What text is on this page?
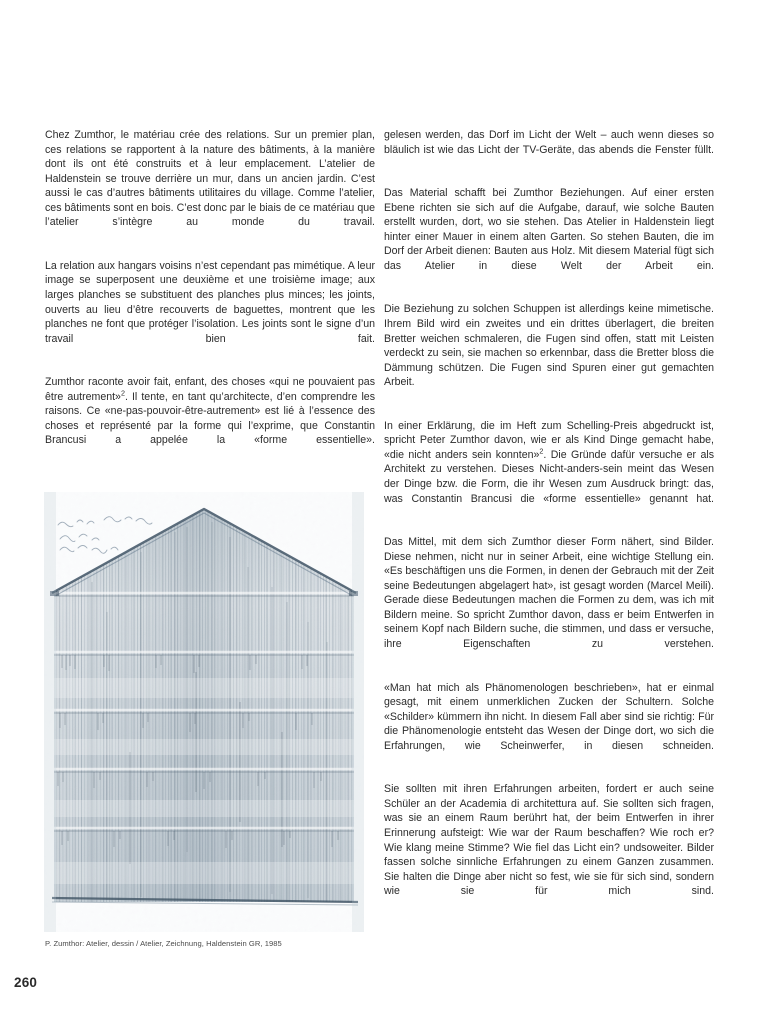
Chez Zumthor, le matériau crée des relations. Sur un premier plan, ces relations se rapportent à la nature des bâtiments, à la manière dont ils ont été construits et à leur emplacement. L’atelier de Haldenstein se trouve derrière un mur, dans un ancien jardin. C’est aussi le cas d’autres bâtiments utilitaires du village. Comme l’atelier, ces bâtiments sont en bois. C’est donc par le biais de ce matériau que l’atelier s’intègre au monde du travail.

La relation aux hangars voisins n’est cependant pas mimétique. A leur image se superposent une deuxième et une troisième image; aux larges planches se substituent des planches plus minces; les joints, ouverts au lieu d’être recouverts de baguettes, montrent que les planches ne font que protéger l’isolation. Les joints sont le signe d’un travail bien fait.

Zumthor raconte avoir fait, enfant, des choses «qui ne pouvaient pas être autrement»$^2$. Il tente, en tant qu’architecte, d’en comprendre les raisons. Ce «ne-pas-pouvoir-être-autrement» est lié à l’essence des choses et représenté par la forme qui l’exprime, que Constantin Brancusi a appelée la «forme essentielle».

gelesen werden, das Dorf im Licht der Welt – auch wenn dieses so bläulich ist wie das Licht der TV-Geräte, das abends die Fenster füllt.

Das Material schafft bei Zumthor Beziehungen. Auf einer ersten Ebene richten sie sich auf die Aufgabe, darauf, wie solche Bauten erstellt wurden, dort, wo sie stehen. Das Atelier in Haldenstein liegt hinter einer Mauer in einem alten Garten. So stehen Bauten, die im Dorf der Arbeit dienen: Bauten aus Holz. Mit diesem Material fügt sich das Atelier in diese Welt der Arbeit ein.

Die Beziehung zu solchen Schuppen ist allerdings keine mimetische. Ihrem Bild wird ein zweites und ein drittes überlagert, die breiten Bretter weichen schmaleren, die Fugen sind offen, statt mit Leisten verdeckt zu sein, sie machen so erkennbar, dass die Bretter bloss die Dämmung schützen. Die Fugen sind Spuren einer gut gemachten Arbeit.

In einer Erklärung, die im Heft zum Schelling-Preis abgedruckt ist, spricht Peter Zumthor davon, wie er als Kind Dinge gemacht habe, «die nicht anders sein konnten»$^2$. Die Gründe dafür versuche er als Architekt zu verstehen. Dieses Nicht-anders-sein meint das Wesen der Dinge bzw. die Form, die ihr Wesen zum Ausdruck bringt: das, was Constantin Brancusi die «forme essentielle» genannt hat.

Das Mittel, mit dem sich Zumthor dieser Form nähert, sind Bilder. Diese nehmen, nicht nur in seiner Arbeit, eine wichtige Stellung ein. «Es beschäftigen uns die Formen, in denen der Gebrauch mit der Zeit seine Bedeutungen abgelagert hat», ist gesagt worden (Marcel Meili). Gerade diese Bedeutungen machen die Formen zu dem, was ich mit Bildern meine. So spricht Zumthor davon, dass er beim Entwerfen in seinem Kopf nach Bildern suche, die stimmen, und dass er versuche, ihre Eigenschaften zu verstehen.

«Man hat mich als Phänomenologen beschrieben», hat er einmal gesagt, mit einem unmerklichen Zucken der Schultern. Solche «Schilder» kümmern ihn nicht. In diesem Fall aber sind sie richtig: Für die Phänomenologie entsteht das Wesen der Dinge dort, wo sich die Erfahrungen, wie Scheinwerfer, in diesen schneiden.

Sie sollten mit ihren Erfahrungen arbeiten, fordert er auch seine Schüler an der Academia di architettura auf. Sie sollten sich fragen, was sie an einem Raum berührt hat, der beim Entwerfen in ihrer Erinnerung aufsteigt: Wie war der Raum beschaffen? Wie roch er? Wie klang meine Stimme? Wie fiel das Licht ein? undsoweiter. Bilder fassen solche sinnliche Erfahrungen zu einem Ganzen zusammen. Sie halten die Dinge aber nicht so fest, wie sie für sich sind, sondern wie sie für mich sind.

P. Zumthor: Atelier, dessin / Atelier, Zeichnung, Haldenstein GR, 1985
260
